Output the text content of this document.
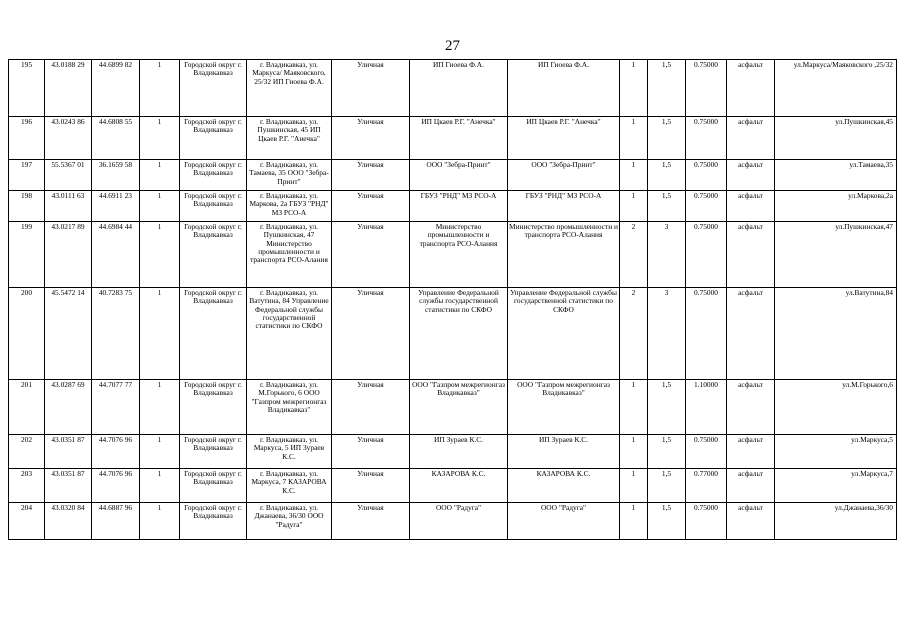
27
195	43.0188 29	44.6899 82	1	Городской округ г. Владикавказ	г. Владикавказ, ул. Маркуса/ Маяковского, 25/32 ИП Гиоева Ф.А.	Уличная	ИП Гиоева Ф.А.	ИП Гиоева Ф.А.	1	1,5	0.75000	асфальт	ул.Маркуса/Маяковского ,25/32
196	43.0243 86	44.6808 55	1	Городской округ г. Владикавказ	г. Владикавказ, ул. Пушкинская, 45 ИП Цкаев Р.Г. "Анечка"	Уличная	ИП Цкаев Р.Г. "Анечка"	ИП Цкаев Р.Г. "Анечка"	1	1,5	0.75000	асфальт	ул.Пушкинская,45
197	55.5367 01	36.1659 58	1	Городской округ г. Владикавказ	г. Владикавказ, ул. Тамаева, 35 ООО "Зебра-Принт"	Уличная	ООО "Зебра-Принт"	ООО "Зебра-Принт"	1	1,5	0.75000	асфальт	ул.Тамаева,35
198	43.0111 63	44.6911 23	1	Городской округ г. Владикавказ	г. Владикавказ, ул. Маркова, 2а ГБУЗ "РНД" МЗ РСО-А	Уличная	ГБУЗ "РНД" МЗ РСО-А	ГБУЗ "РНД" МЗ РСО-А	1	1,5	0.75000	асфальт	ул.Маркова,2а
199	43.0217 89	44.6984 44	1	Городской округ г. Владикавказ	г. Владикавказ, ул. Пушкинская, 47 Министерство промышленности и транспорта РСО-Алания	Уличная	Министерство промышленности и транспорта РСО-Алания	Министерство промышленности и транспорта РСО-Алания	2	3	0.75000	асфальт	ул.Пушкинская,47
200	45.5472 14	40.7283 75	1	Городской округ г. Владикавказ	г. Владикавказ, ул. Ватутина, 84 Управление Федеральной службы государственной статистики по СКФО	Уличная	Управление Федеральной службы государственной статистики по СКФО	Управление Федеральной службы государственной статистики по СКФО	2	3	0.75000	асфальт	ул.Ватутина,84
201	43.0287 69	44.7077 77	1	Городской округ г. Владикавказ	г. Владикавказ, ул. М.Горького, 6 ООО "Газпром межрегионгаз Владикавказ"	Уличная	ООО "Газпром межрегионгаз Владикавказ"	ООО "Газпром межрегионгаз Владикавказ"	1	1,5	1.10000	асфальт	ул.М.Горького,6
202	43.0351 87	44.7076 96	1	Городской округ г. Владикавказ	г. Владикавказ, ул. Маркуса, 5 ИП Зураев К.С.	Уличная	ИП Зураев К.С.	ИП Зураев К.С.	1	1,5	0.75000	асфальт	ул.Маркуса,5
203	43.0351 87	44.7076 96	1	Городской округ г. Владикавказ	г. Владикавказ, ул. Маркуса, 7 КАЗАРОВА К.С.	Уличная	КАЗАРОВА К.С.	КАЗАРОВА К.С.	1	1,5	0.77000	асфальт	ул.Маркуса,7
204	43.0320 84	44.6887 96	1	Городской округ г. Владикавказ	г. Владикавказ, ул. Джанаева, 36/30 ООО "Радуга"	Уличная	ООО "Радуга"	ООО "Радуга"	1	1,5	0.75000	асфальт	ул.Джанаева,36/30
